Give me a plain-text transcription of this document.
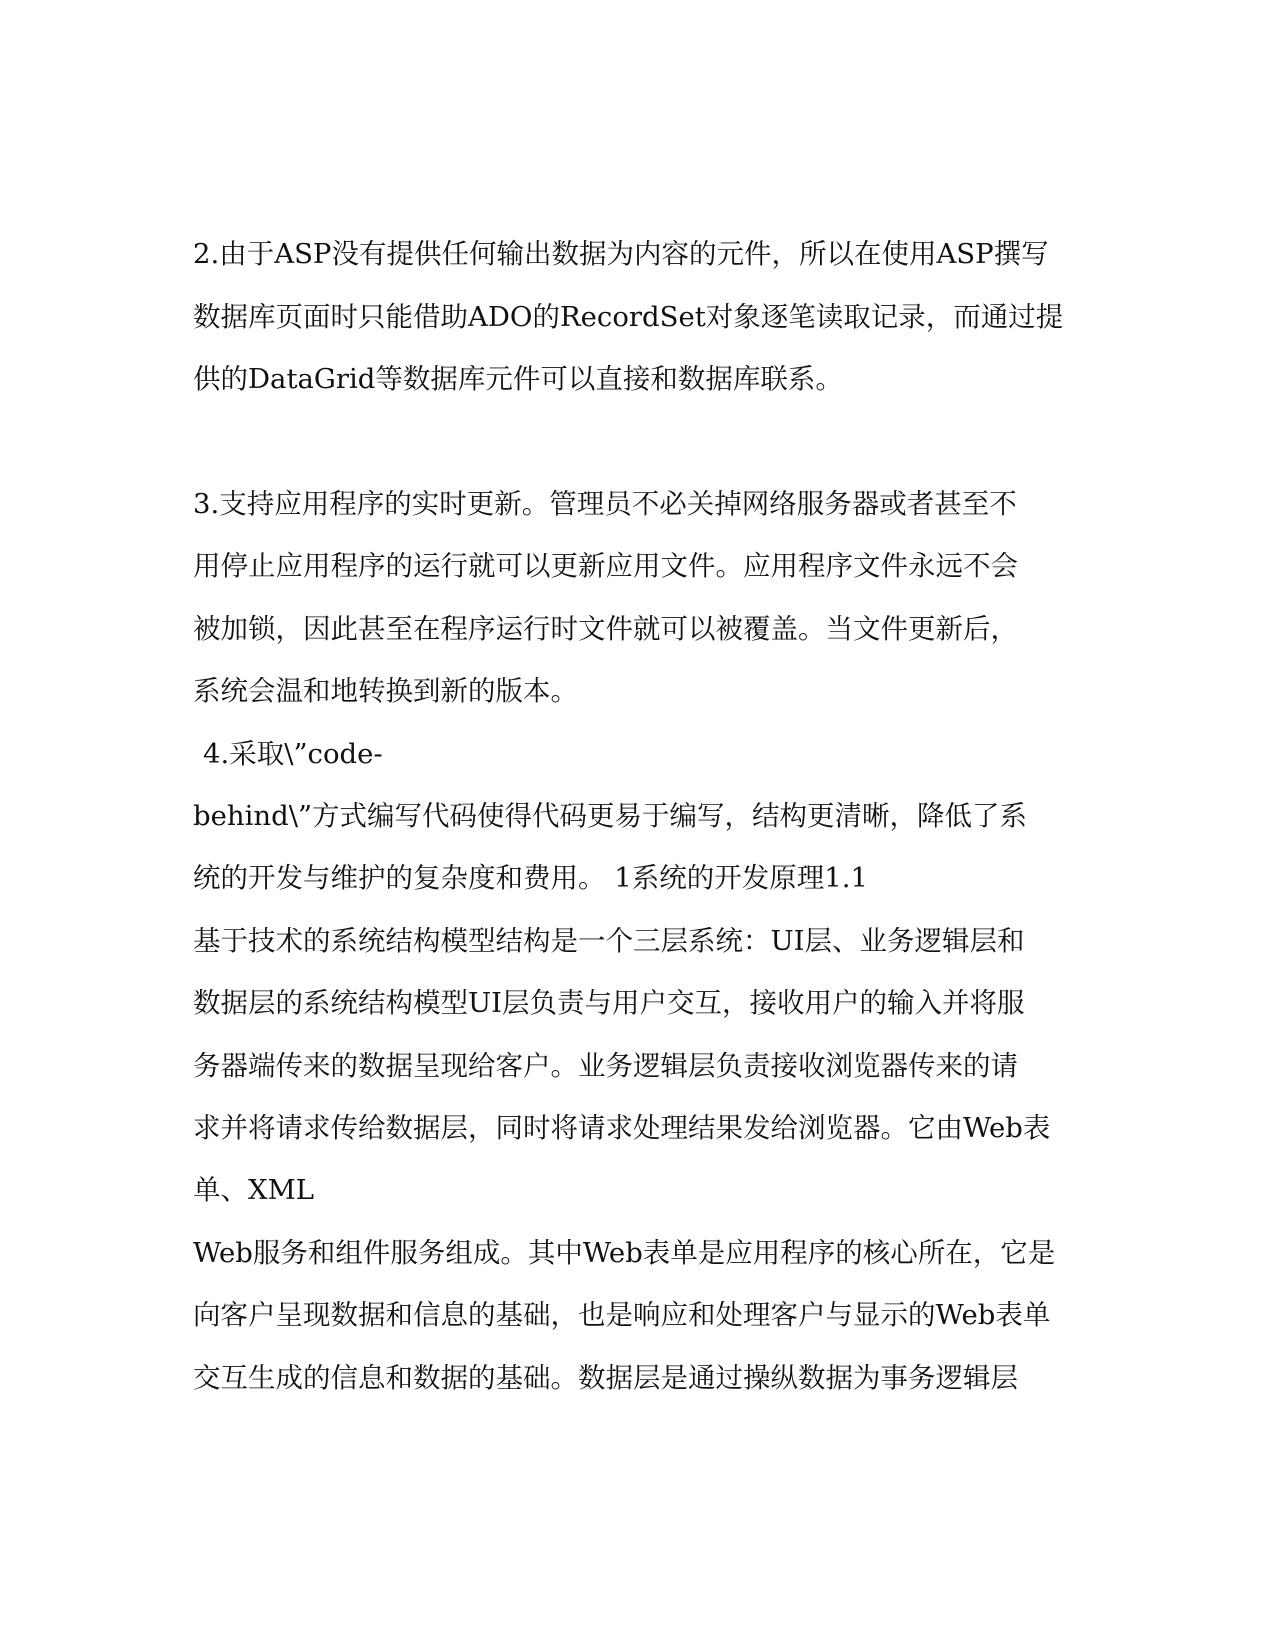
2.由于ASP没有提供任何输出数据为内容的元件，所以在使用ASP撰写

数据库页面时只能借助ADO的RecordSet对象逐笔读取记录，而通过提

供的DataGrid等数据库元件可以直接和数据库联系。

3.支持应用程序的实时更新。管理员不必关掉网络服务器或者甚至不

用停止应用程序的运行就可以更新应用文件。应用程序文件永远不会

被加锁，因此甚至在程序运行时文件就可以被覆盖。当文件更新后，

系统会温和地转换到新的版本。

4.采取\”code-

behind\”方式编写代码使得代码更易于编写，结构更清晰，降低了系

统的开发与维护的复杂度和费用。 1系统的开发原理1.1

基于技术的系统结构模型结构是一个三层系统：UI层、业务逻辑层和

数据层的系统结构模型UI层负责与用户交互，接收用户的输入并将服

务器端传来的数据呈现给客户。业务逻辑层负责接收浏览器传来的请

求并将请求传给数据层，同时将请求处理结果发给浏览器。它由Web表

单、XML

Web服务和组件服务组成。其中Web表单是应用程序的核心所在，它是

向客户呈现数据和信息的基础，也是响应和处理客户与显示的Web表单

交互生成的信息和数据的基础。数据层是通过操纵数据为事务逻辑层
